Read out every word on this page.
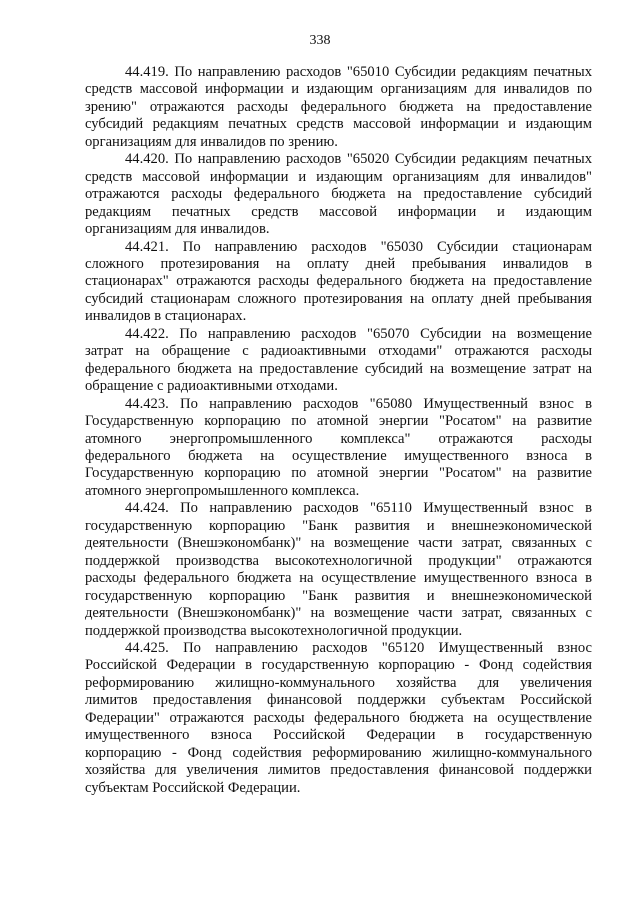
338
44.419. По направлению расходов "65010 Субсидии редакциям печатных
средств массовой информации и издающим организациям для инвалидов по
зрению" отражаются расходы федерального бюджета на предоставление
субсидий редакциям печатных средств массовой информации и издающим
организациям для инвалидов по зрению.
44.420. По направлению расходов "65020 Субсидии редакциям печатных
средств массовой информации и издающим организациям для инвалидов"
отражаются расходы федерального бюджета на предоставление субсидий
редакциям печатных средств массовой информации и издающим
организациям для инвалидов.
44.421. По направлению расходов "65030 Субсидии стационарам
сложного протезирования на оплату дней пребывания инвалидов в
стационарах" отражаются расходы федерального бюджета на предоставление
субсидий стационарам сложного протезирования на оплату дней пребывания
инвалидов в стационарах.
44.422. По направлению расходов "65070 Субсидии на возмещение
затрат на обращение с радиоактивными отходами" отражаются расходы
федерального бюджета на предоставление субсидий на возмещение затрат на
обращение с радиоактивными отходами.
44.423. По направлению расходов "65080 Имущественный взнос в
Государственную корпорацию по атомной энергии "Росатом" на развитие
атомного энергопромышленного комплекса" отражаются расходы
федерального бюджета на осуществление имущественного взноса в
Государственную корпорацию по атомной энергии "Росатом" на развитие
атомного энергопромышленного комплекса.
44.424. По направлению расходов "65110 Имущественный взнос в
государственную корпорацию "Банк развития и внешнеэкономической
деятельности (Внешэкономбанк)" на возмещение части затрат, связанных с
поддержкой производства высокотехнологичной продукции" отражаются
расходы федерального бюджета на осуществление имущественного взноса в
государственную корпорацию "Банк развития и внешнеэкономической
деятельности (Внешэкономбанк)" на возмещение части затрат, связанных с
поддержкой производства высокотехнологичной продукции.
44.425. По направлению расходов "65120 Имущественный взнос
Российской Федерации в государственную корпорацию - Фонд содействия
реформированию жилищно-коммунального хозяйства для увеличения
лимитов предоставления финансовой поддержки субъектам Российской
Федерации" отражаются расходы федерального бюджета на осуществление
имущественного взноса Российской Федерации в государственную
корпорацию - Фонд содействия реформированию жилищно-коммунального
хозяйства для увеличения лимитов предоставления финансовой поддержки
субъектам Российской Федерации.
